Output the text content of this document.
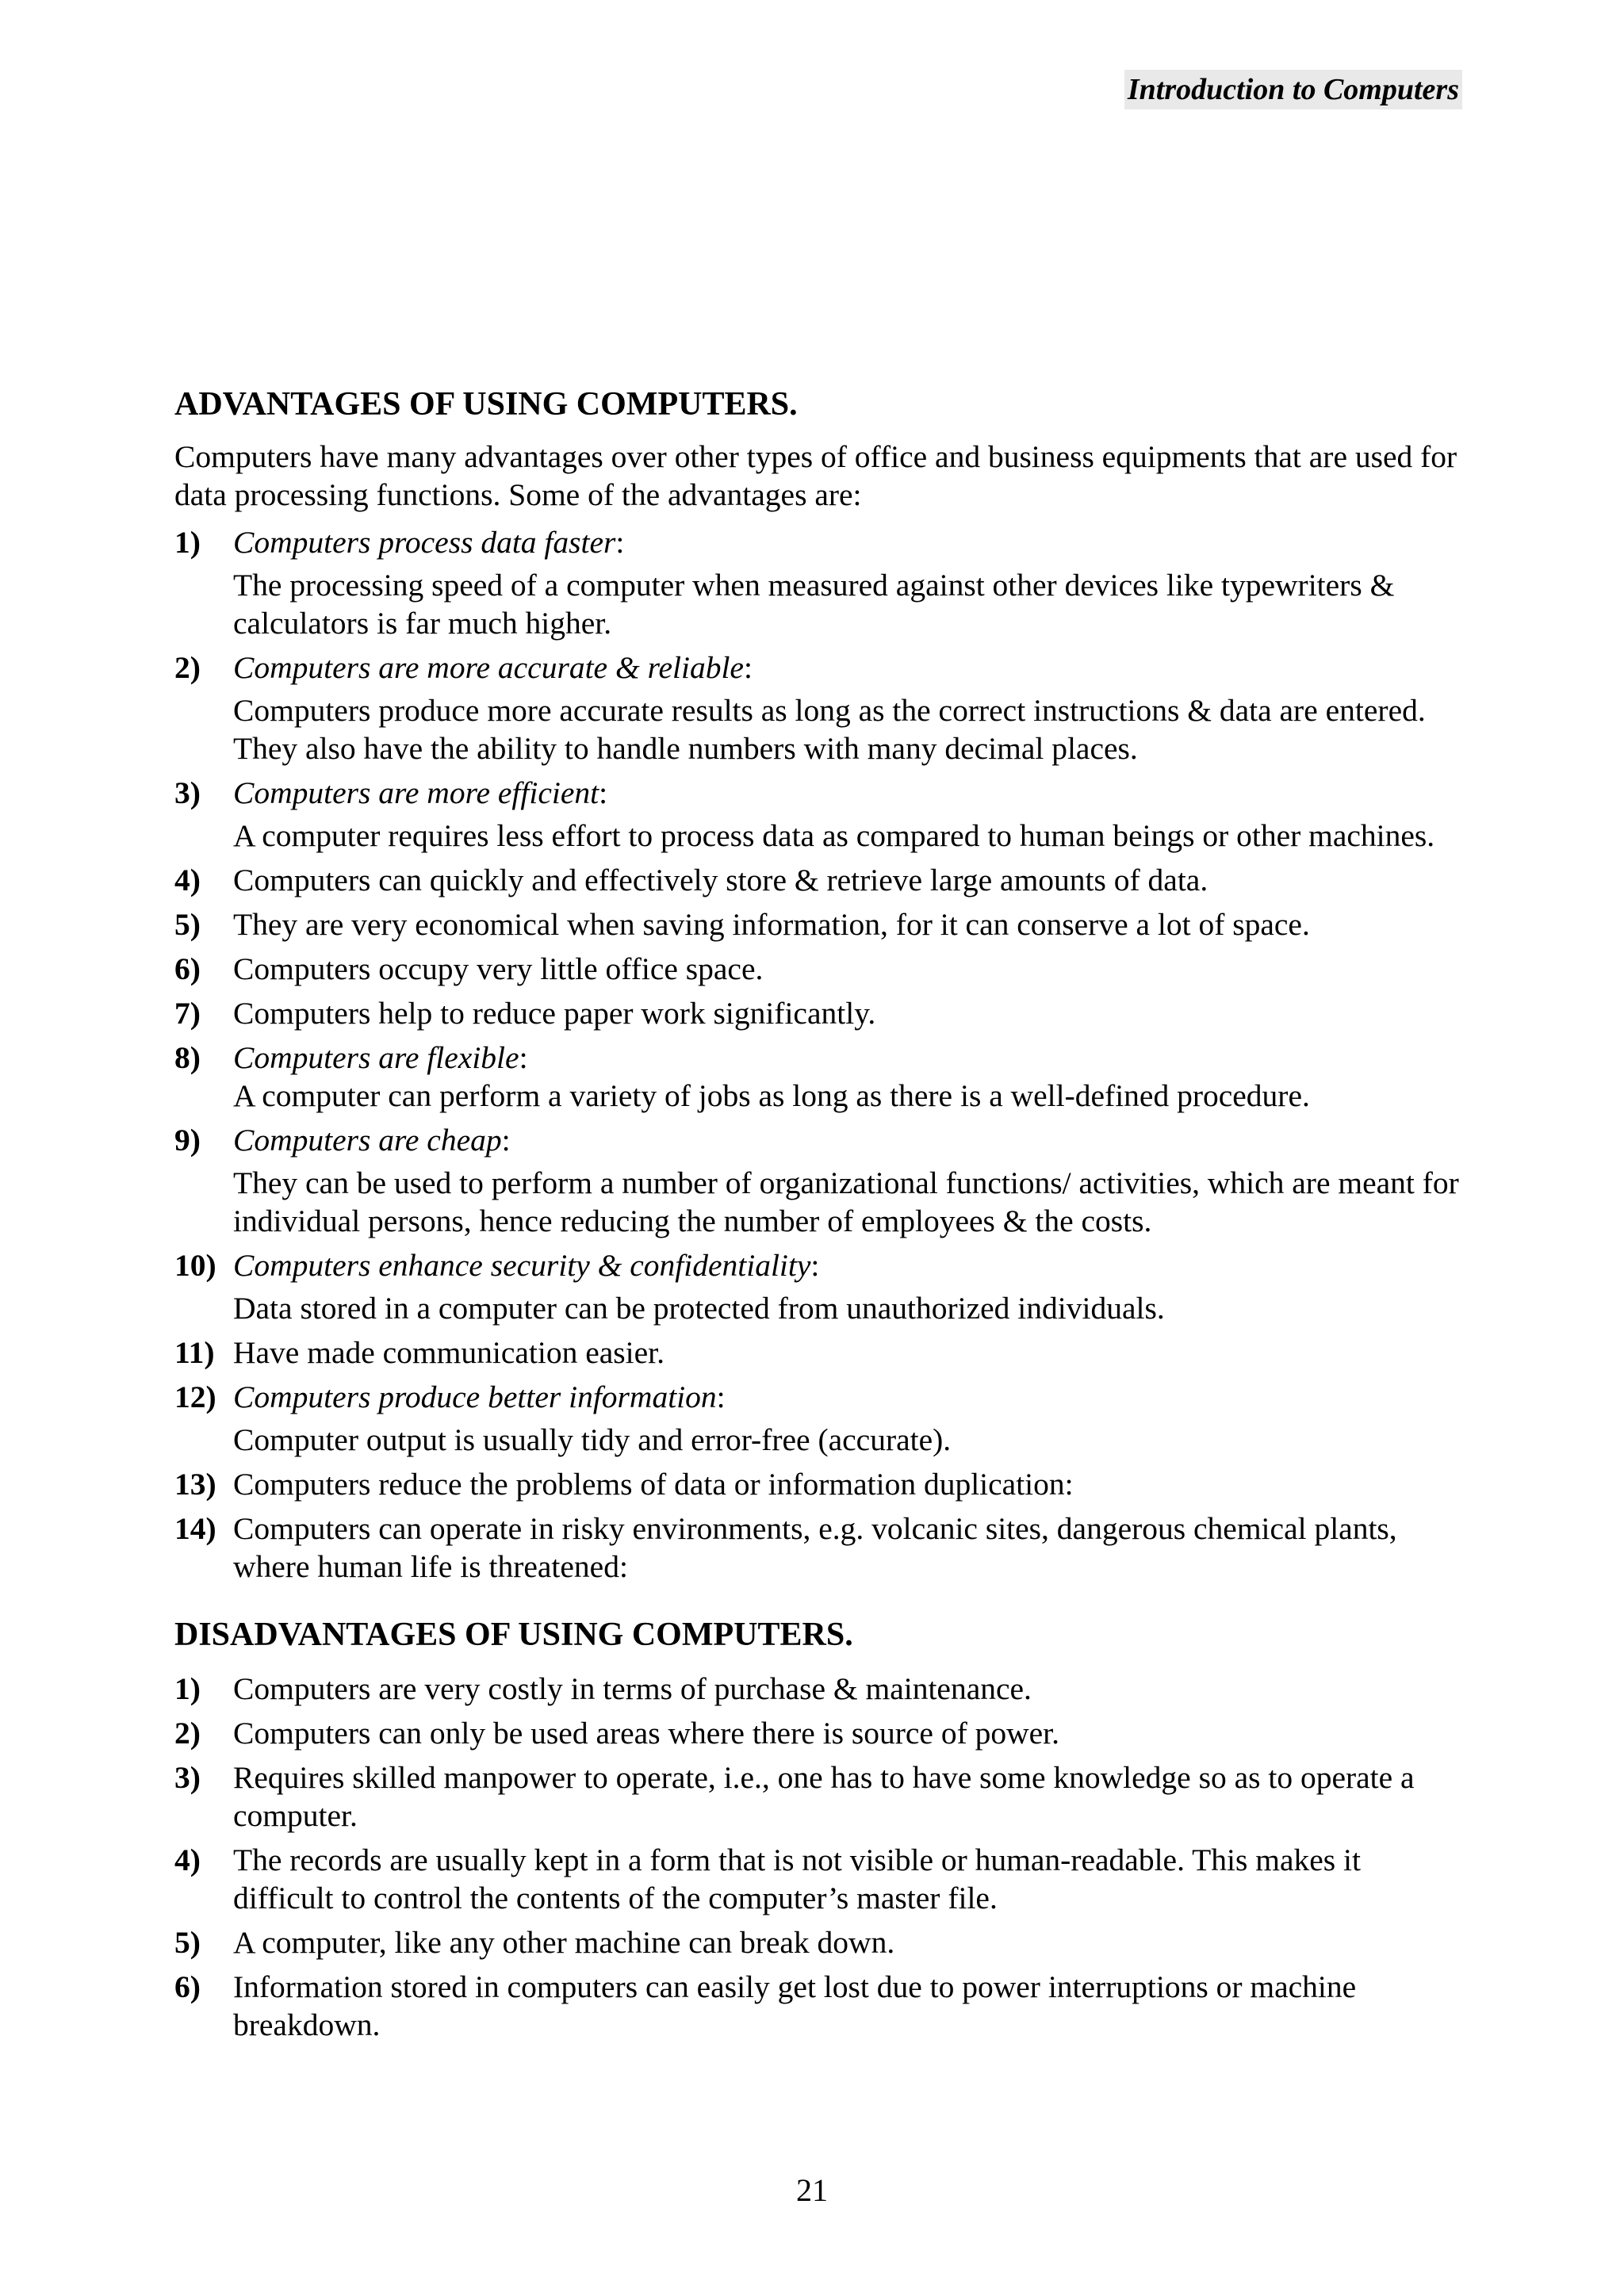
Introduction to Computers
ADVANTAGES OF USING COMPUTERS.

Computers have many advantages over other types of office and business equipments that are used for data processing functions. Some of the advantages are:

1) Computers process data faster:
The processing speed of a computer when measured against other devices like typewriters & calculators is far much higher.
2) Computers are more accurate & reliable:
Computers produce more accurate results as long as the correct instructions & data are entered. They also have the ability to handle numbers with many decimal places.
3) Computers are more efficient:
A computer requires less effort to process data as compared to human beings or other machines.
4) Computers can quickly and effectively store & retrieve large amounts of data.
5) They are very economical when saving information, for it can conserve a lot of space.
6) Computers occupy very little office space.
7) Computers help to reduce paper work significantly.
8) Computers are flexible:
A computer can perform a variety of jobs as long as there is a well-defined procedure.
9) Computers are cheap:
They can be used to perform a number of organizational functions/ activities, which are meant for individual persons, hence reducing the number of employees & the costs.
10) Computers enhance security & confidentiality:
Data stored in a computer can be protected from unauthorized individuals.
11) Have made communication easier.
12) Computers produce better information:
Computer output is usually tidy and error-free (accurate).
13) Computers reduce the problems of data or information duplication:
14) Computers can operate in risky environments, e.g. volcanic sites, dangerous chemical plants, where human life is threatened:
DISADVANTAGES OF USING COMPUTERS.
1) Computers are very costly in terms of purchase & maintenance.
2) Computers can only be used areas where there is source of power.
3) Requires skilled manpower to operate, i.e., one has to have some knowledge so as to operate a computer.
4) The records are usually kept in a form that is not visible or human-readable. This makes it difficult to control the contents of the computer’s master file.
5) A computer, like any other machine can break down.
6) Information stored in computers can easily get lost due to power interruptions or machine breakdown.
21
